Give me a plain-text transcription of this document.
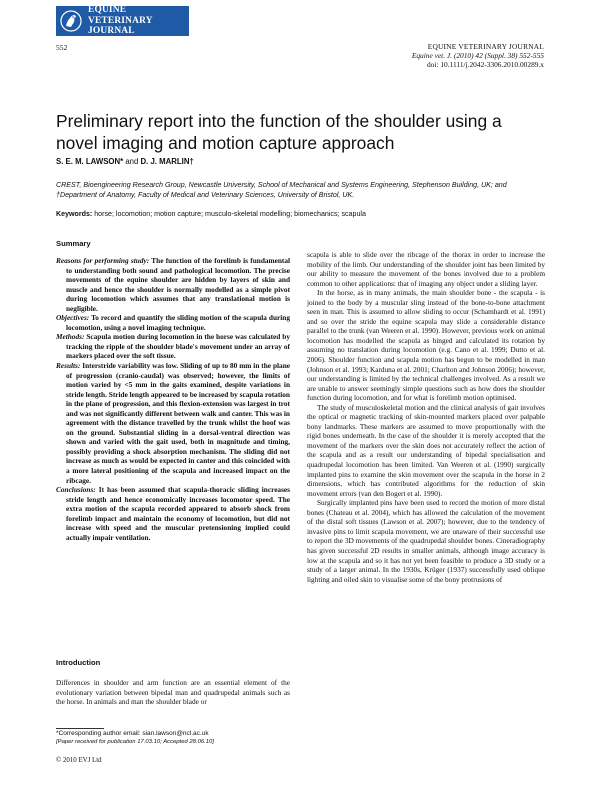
EQUINE VETERINARY
JOURNAL
552	EQUINE VETERINARY JOURNAL
Equine vet. J. (2010) 42 (Suppl. 38) 552-555
doi: 10.1111/j.2042-3306.2010.00289.x
Preliminary report into the function of the shoulder using a novel imaging and motion capture approach
S. E. M. LAWSON* and D. J. MARLIN†
CREST, Bioengineering Research Group, Newcastle University, School of Mechanical and Systems Engineering, Stephenson Building, UK; and †Department of Anatomy, Faculty of Medical and Veterinary Sciences, University of Bristol, UK.
Keywords: horse; locomotion; motion capture; musculo-skeletal modelling; biomechanics; scapula
Summary

Reasons for performing study: The function of the forelimb is fundamental to understanding both sound and pathological locomotion. The precise movements of the equine shoulder are hidden by layers of skin and muscle and hence the shoulder is normally modelled as a simple pivot during locomotion which assumes that any translational motion is negligible.

Objectives: To record and quantify the sliding motion of the scapula during locomotion, using a novel imaging technique.

Methods: Scapula motion during locomotion in the horse was calculated by tracking the ripple of the shoulder blade's movement under an array of markers placed over the soft tissue.

Results: Interstride variability was low. Sliding of up to 80 mm in the plane of progression (cranio-caudal) was observed; however, the limits of motion varied by <5 mm in the gaits examined, despite variations in stride length. Stride length appeared to be increased by scapula rotation in the plane of progression, and this flexion-extension was largest in trot and was not significantly different between walk and canter. This was in agreement with the distance travelled by the trunk whilst the hoof was on the ground. Substantial sliding in a dorsal-ventral direction was shown and varied with the gait used, both in magnitude and timing, possibly providing a shock absorption mechanism. The sliding did not increase as much as would be expected in canter and this coincided with a more lateral positioning of the scapula and increased impact on the ribcage.

Conclusions: It has been assumed that scapula-thoracic sliding increases stride length and hence economically increases locomotor speed. The extra motion of the scapula recorded appeared to absorb shock from forelimb impact and maintain the economy of locomotion, but did not increase with speed and the muscular pretensioning implied could actually impair ventilation.

Introduction

Differences in shoulder and arm function are an essential element of the evolutionary variation between bipedal man and quadrupedal animals such as the horse. In animals and man the shoulder blade or

scapula is able to slide over the ribcage of the thorax in order to increase the mobility of the limb. Our understanding of the shoulder joint has been limited by our ability to measure the movement of the bones involved due to a problem common to other applications: that of imaging any object under a sliding layer.

In the horse, as in many animals, the main shoulder bone - the scapula - is joined to the body by a muscular sling instead of the bone-to-bone attachment seen in man. This is assumed to allow sliding to occur (Schamhardt et al. 1991) and so over the stride the equine scapula may slide a considerable distance parallel to the trunk (van Weeren et al. 1990). However, previous work on animal locomotion has modelled the scapula as hinged and calculated its rotation by assuming no translation during locomotion (e.g. Cano et al. 1999; Dutto et al. 2006). Shoulder function and scapula motion has begun to be modelled in man (Johnson et al. 1993; Karduna et al. 2001; Charlton and Johnson 2006); however, our understanding is limited by the technical challenges involved. As a result we are unable to answer seemingly simple questions such as how does the shoulder function during locomotion, and for what is forelimb motion optimised.

The study of musculoskeletal motion and the clinical analysis of gait involves the optical or magnetic tracking of skin-mounted markers placed over palpable bony landmarks. These markers are assumed to move proportionally with the rigid bones underneath. In the case of the shoulder it is merely accepted that the movement of the markers over the skin does not accurately reflect the action of the scapula and as a result our understanding of bipedal specialisation and quadrupedal locomotion has been limited. Van Weeren et al. (1990) surgically implanted pins to examine the skin movement over the scapula in the horse in 2 dimensions, which has contributed algorithms for the reduction of skin movement errors (van den Bogert et al. 1990).

Surgically implanted pins have been used to record the motion of more distal bones (Chateau et al. 2004), which has allowed the calculation of the movement of the distal soft tissues (Lawson et al. 2007); however, due to the tendency of invasive pins to limit scapula movement, we are unaware of their successful use to report the 3D movements of the quadrupedal shoulder bones. Cineradiography has given successful 2D results in smaller animals, although image accuracy is low at the scapula and so it has not yet been feasible to produce a 3D study or a study of a larger animal. In the 1930s, Krüger (1937) successfully used oblique lighting and oiled skin to visualise some of the bony protrusions of

*Corresponding author email: sian.lawson@ncl.ac.uk
[Paper received for publication 17.03.10; Accepted 28.06.10]
© 2010 EVJ Ltd
